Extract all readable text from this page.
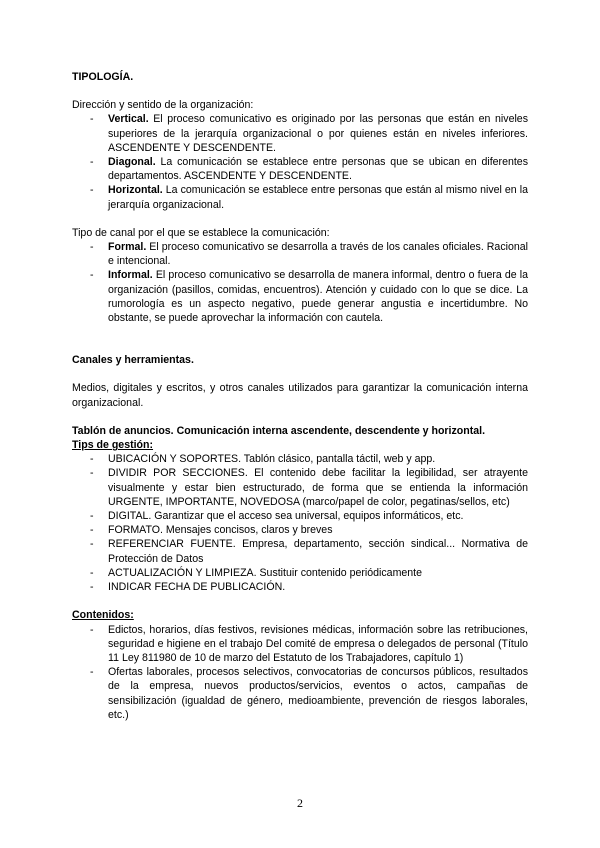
TIPOLOGÍA.

Dirección y sentido de la organización:

- Vertical. El proceso comunicativo es originado por las personas que están en niveles superiores de la jerarquía organizacional o por quienes están en niveles inferiores. ASCENDENTE Y DESCENDENTE.
- Diagonal. La comunicación se establece entre personas que se ubican en diferentes departamentos. ASCENDENTE Y DESCENDENTE.
- Horizontal. La comunicación se establece entre personas que están al mismo nivel en la jerarquía organizacional.

Tipo de canal por el que se establece la comunicación:

- Formal. El proceso comunicativo se desarrolla a través de los canales oficiales. Racional e intencional.
- Informal. El proceso comunicativo se desarrolla de manera informal, dentro o fuera de la organización (pasillos, comidas, encuentros). Atención y cuidado con lo que se dice. La rumorología es un aspecto negativo, puede generar angustia e incertidumbre. No obstante, se puede aprovechar la información con cautela.

Canales y herramientas.

Medios, digitales y escritos, y otros canales utilizados para garantizar la comunicación interna organizacional.

Tablón de anuncios. Comunicación interna ascendente, descendente y horizontal.

Tips de gestión:

- UBICACIÓN Y SOPORTES. Tablón clásico, pantalla táctil, web y app.
- DIVIDIR POR SECCIONES. El contenido debe facilitar la legibilidad, ser atrayente visualmente y estar bien estructurado, de forma que se entienda la información URGENTE, IMPORTANTE, NOVEDOSA (marco/papel de color, pegatinas/sellos, etc)
- DIGITAL. Garantizar que el acceso sea universal, equipos informáticos, etc.
- FORMATO. Mensajes concisos, claros y breves
- REFERENCIAR FUENTE. Empresa, departamento, sección sindical... Normativa de Protección de Datos
- ACTUALIZACIÓN Y LIMPIEZA. Sustituir contenido periódicamente
- INDICAR FECHA DE PUBLICACIÓN.

Contenidos:

- Edictos, horarios, días festivos, revisiones médicas, información sobre las retribuciones, seguridad e higiene en el trabajo Del comité de empresa o delegados de personal (Título 11 Ley 811980 de 10 de marzo del Estatuto de los Trabajadores, capítulo 1)
- Ofertas laborales, procesos selectivos, convocatorias de concursos públicos, resultados de la empresa, nuevos productos/servicios, eventos o actos, campañas de sensibilización (igualdad de género, medioambiente, prevención de riesgos laborales, etc.)
2
